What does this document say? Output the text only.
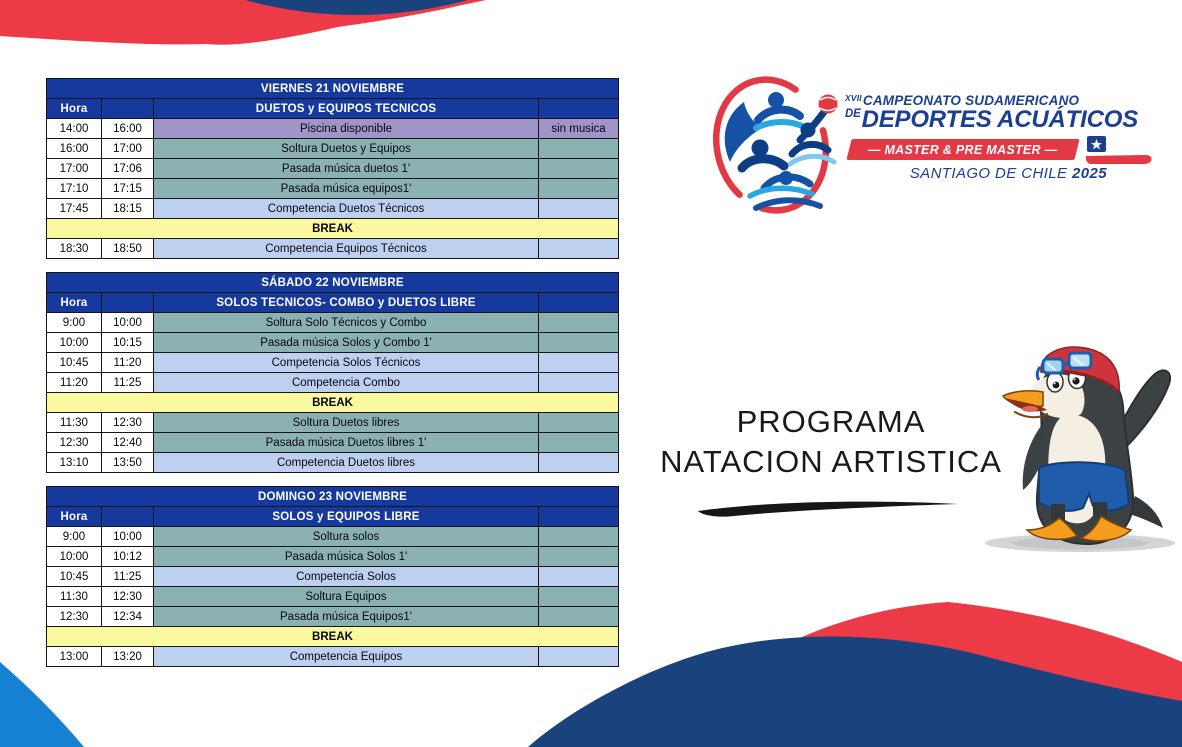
VIERNES 21 NOVIEMBRE			
Hora		DUETOS y EQUIPOS TECNICOS	
14:00	16:00	Piscina disponible	sin musica
16:00	17:00	Soltura Duetos y Equipos	
17:00	17:06	Pasada música duetos 1'	
17:10	17:15	Pasada música equipos1'	
17:45	18:15	Competencia Duetos Técnicos	
BREAK			
18:30	18:50	Competencia Equipos Técnicos	
SÁBADO 22 NOVIEMBRE			
Hora		SOLOS TECNICOS- COMBO y DUETOS LIBRE	
9:00	10:00	Soltura Solo Técnicos y Combo	
10:00	10:15	Pasada música Solos y Combo 1'	
10:45	11:20	Competencia Solos Técnicos	
11:20	11:25	Competencia Combo	
BREAK			
11:30	12:30	Soltura Duetos libres	
12:30	12:40	Pasada música Duetos libres 1'	
13:10	13:50	Competencia Duetos libres	
DOMINGO 23 NOVIEMBRE			
Hora		SOLOS y EQUIPOS LIBRE	
9:00	10:00	Soltura solos	
10:00	10:12	Pasada música Solos 1'	
10:45	11:25	Competencia Solos	
11:30	12:30	Soltura Equipos	
12:30	12:34	Pasada música Equipos1'	
BREAK			
13:00	13:20	Competencia Equipos	
$^{XVII}$CAMPEONATO SUDAMERICANO
$^{DE}$DEPORTES ACUÁTICOS
— MASTER & PRE MASTER —
SANTIAGO DE CHILE 2025
PROGRAMA
NATACION ARTISTICA
